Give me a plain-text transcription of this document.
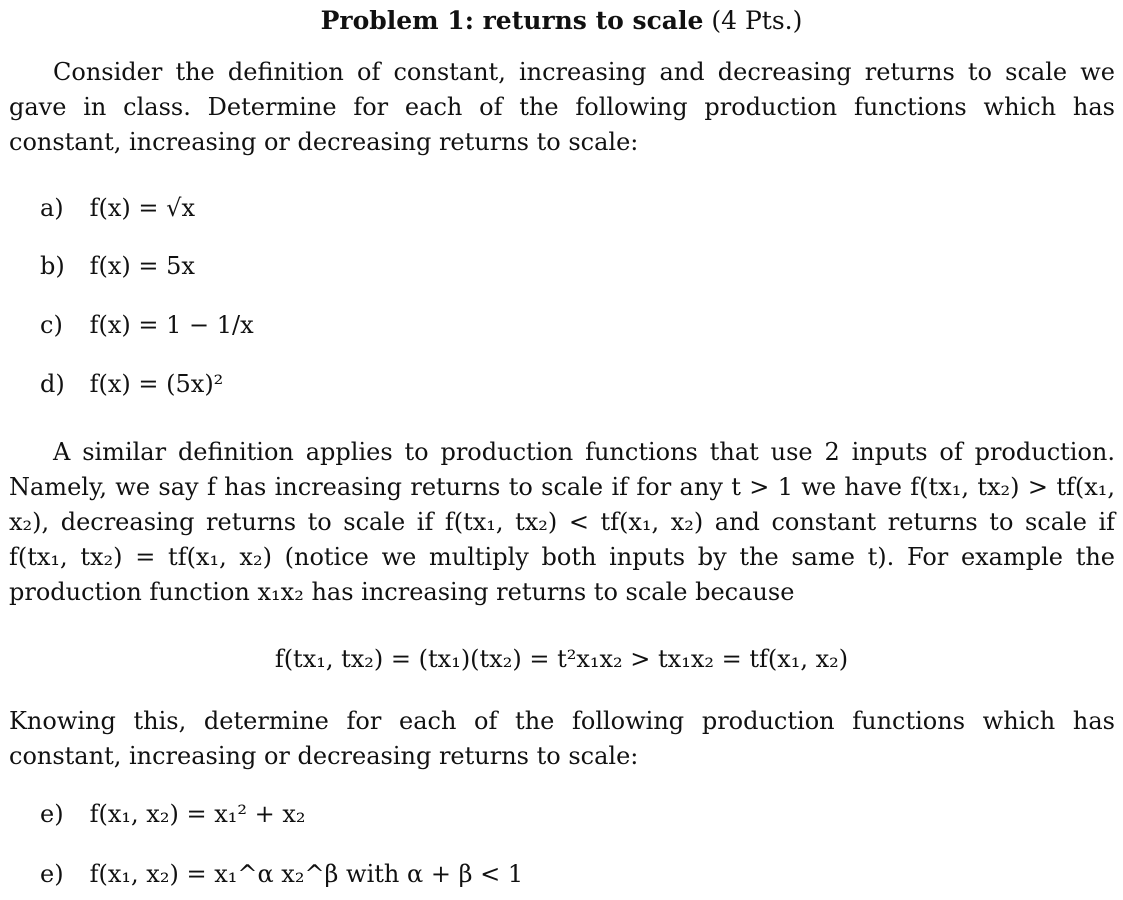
Problem 1: returns to scale (4 Pts.)
Consider the definition of constant, increasing and decreasing returns to scale we gave in class. Determine for each of the following production functions which has constant, increasing or decreasing returns to scale:
a) f(x) = √x
b) f(x) = 5x
c) f(x) = 1 − 1/x
d) f(x) = (5x)²
A similar definition applies to production functions that use 2 inputs of production. Namely, we say f has increasing returns to scale if for any t > 1 we have f(tx₁, tx₂) > tf(x₁, x₂), decreasing returns to scale if f(tx₁, tx₂) < tf(x₁, x₂) and constant returns to scale if f(tx₁, tx₂) = tf(x₁, x₂) (notice we multiply both inputs by the same t). For example the production function x₁x₂ has increasing returns to scale because
f(tx₁, tx₂) = (tx₁)(tx₂) = t²x₁x₂ > tx₁x₂ = tf(x₁, x₂)
Knowing this, determine for each of the following production functions which has constant, increasing or decreasing returns to scale:
e) f(x₁, x₂) = x₁² + x₂
e) f(x₁, x₂) = x₁^α x₂^β with α + β < 1
